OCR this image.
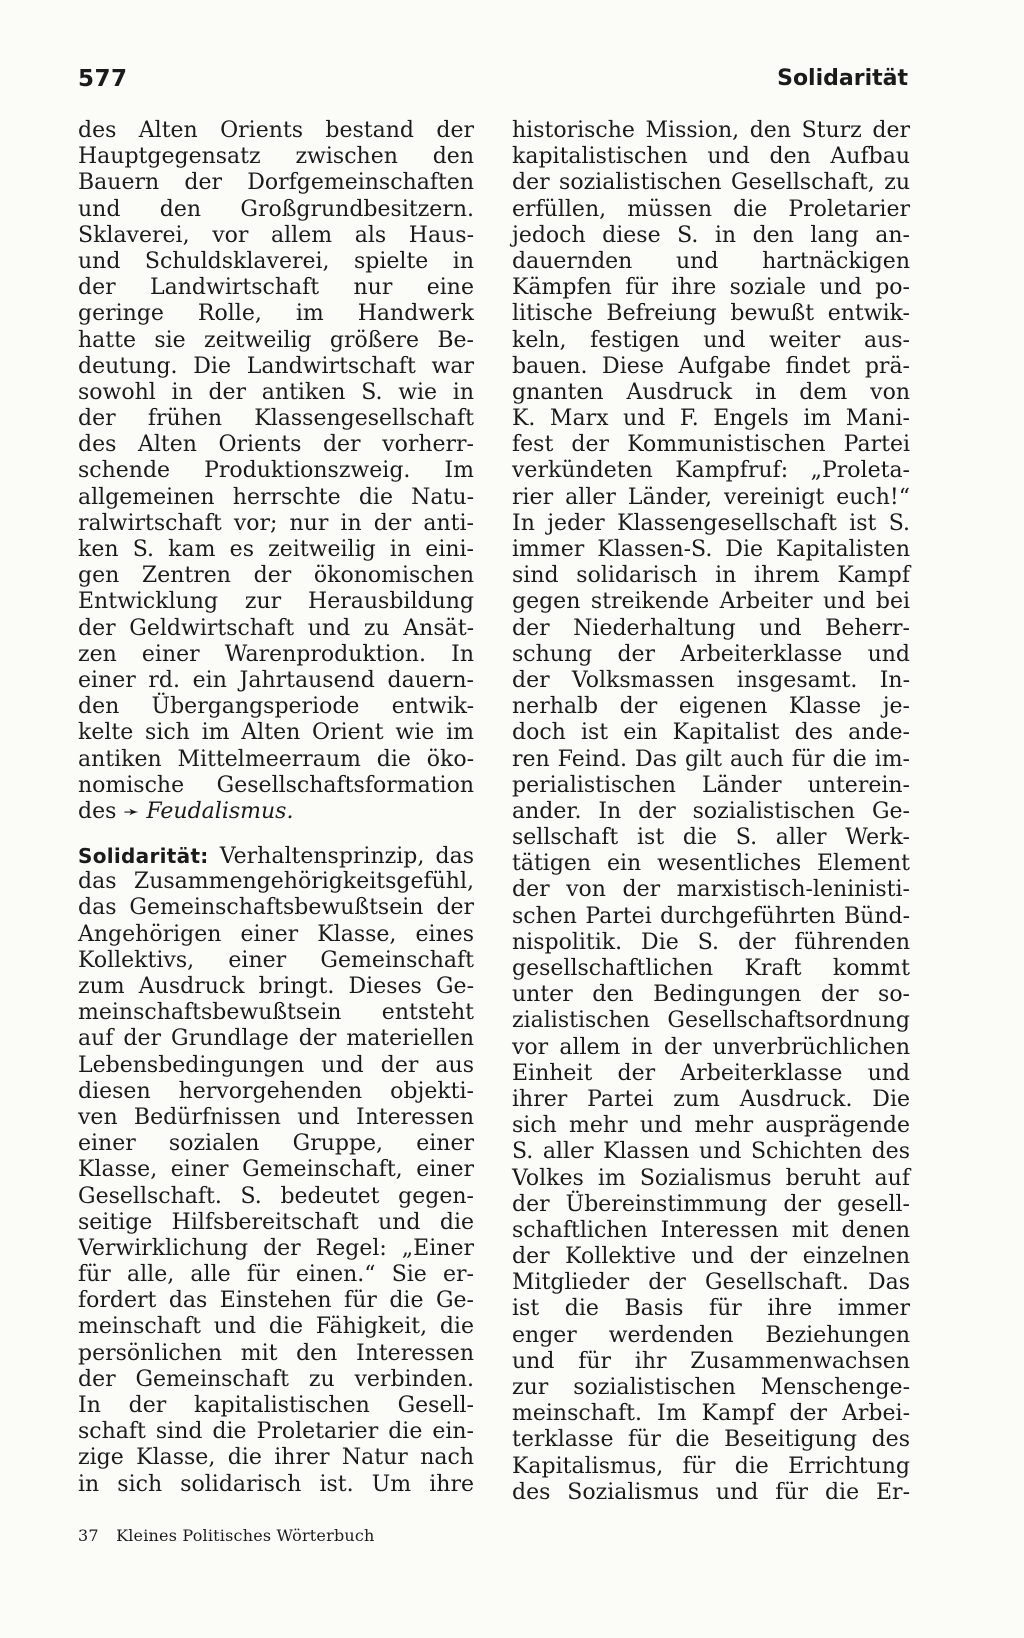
577	Solidarität
des Alten Orients bestand der
Hauptgegensatz zwischen den
Bauern der Dorfgemeinschaften
und den Großgrundbesitzern.
Sklaverei, vor allem als Haus-
und Schuldsklaverei, spielte in
der Landwirtschaft nur eine
geringe Rolle, im Handwerk
hatte sie zeitweilig größere Be-
deutung. Die Landwirtschaft war
sowohl in der antiken S. wie in
der frühen Klassengesellschaft
des Alten Orients der vorherr-
schende Produktionszweig. Im
allgemeinen herrschte die Natu-
ralwirtschaft vor; nur in der anti-
ken S. kam es zeitweilig in eini-
gen Zentren der ökonomischen
Entwicklung zur Herausbildung
der Geldwirtschaft und zu Ansät-
zen einer Warenproduktion. In
einer rd. ein Jahrtausend dauern-
den Übergangsperiode entwik-
kelte sich im Alten Orient wie im
antiken Mittelmeerraum die öko-
nomische Gesellschaftsformation
des ➛ Feudalismus.
Solidarität: Verhaltensprinzip, das
das Zusammengehörigkeitsgefühl,
das Gemeinschaftsbewußtsein der
Angehörigen einer Klasse, eines
Kollektivs, einer Gemeinschaft
zum Ausdruck bringt. Dieses Ge-
meinschaftsbewußtsein entsteht
auf der Grundlage der materiellen
Lebensbedingungen und der aus
diesen hervorgehenden objekti-
ven Bedürfnissen und Interessen
einer sozialen Gruppe, einer
Klasse, einer Gemeinschaft, einer
Gesellschaft. S. bedeutet gegen-
seitige Hilfsbereitschaft und die
Verwirklichung der Regel: „Einer
für alle, alle für einen.“ Sie er-
fordert das Einstehen für die Ge-
meinschaft und die Fähigkeit, die
persönlichen mit den Interessen
der Gemeinschaft zu verbinden.
In der kapitalistischen Gesell-
schaft sind die Proletarier die ein-
zige Klasse, die ihrer Natur nach
in sich solidarisch ist. Um ihre
historische Mission, den Sturz der
kapitalistischen und den Aufbau
der sozialistischen Gesellschaft, zu
erfüllen, müssen die Proletarier
jedoch diese S. in den lang an-
dauernden und hartnäckigen
Kämpfen für ihre soziale und po-
litische Befreiung bewußt entwik-
keln, festigen und weiter aus-
bauen. Diese Aufgabe findet prä-
gnanten Ausdruck in dem von
K. Marx und F. Engels im Mani-
fest der Kommunistischen Partei
verkündeten Kampfruf: „Proleta-
rier aller Länder, vereinigt euch!“
In jeder Klassengesellschaft ist S.
immer Klassen-S. Die Kapitalisten
sind solidarisch in ihrem Kampf
gegen streikende Arbeiter und bei
der Niederhaltung und Beherr-
schung der Arbeiterklasse und
der Volksmassen insgesamt. In-
nerhalb der eigenen Klasse je-
doch ist ein Kapitalist des ande-
ren Feind. Das gilt auch für die im-
perialistischen Länder unterein-
ander. In der sozialistischen Ge-
sellschaft ist die S. aller Werk-
tätigen ein wesentliches Element
der von der marxistisch-leninisti-
schen Partei durchgeführten Bünd-
nispolitik. Die S. der führenden
gesellschaftlichen Kraft kommt
unter den Bedingungen der so-
zialistischen Gesellschaftsordnung
vor allem in der unverbrüchlichen
Einheit der Arbeiterklasse und
ihrer Partei zum Ausdruck. Die
sich mehr und mehr ausprägende
S. aller Klassen und Schichten des
Volkes im Sozialismus beruht auf
der Übereinstimmung der gesell-
schaftlichen Interessen mit denen
der Kollektive und der einzelnen
Mitglieder der Gesellschaft. Das
ist die Basis für ihre immer
enger werdenden Beziehungen
und für ihr Zusammenwachsen
zur sozialistischen Menschenge-
meinschaft. Im Kampf der Arbei-
terklasse für die Beseitigung des
Kapitalismus, für die Errichtung
des Sozialismus und für die Er-
37 Kleines Politisches Wörterbuch
